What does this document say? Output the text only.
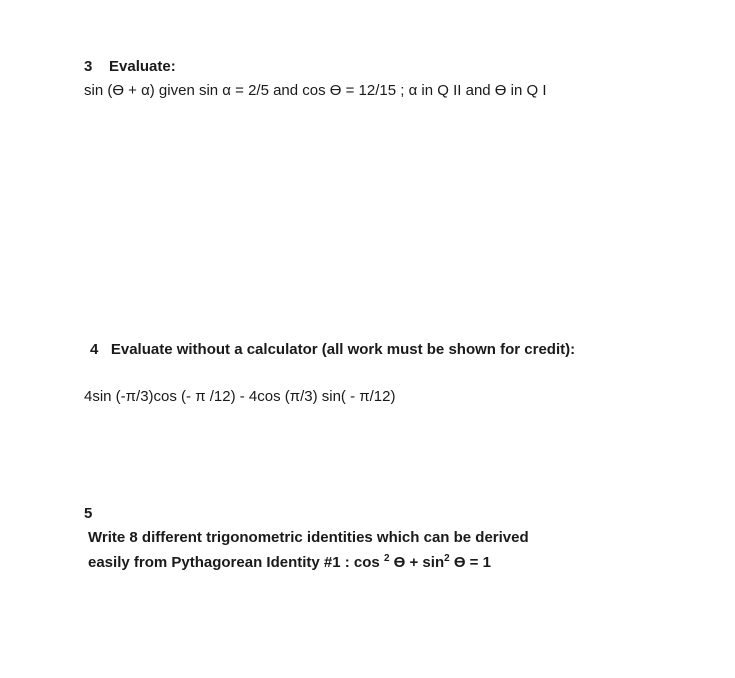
3 Evaluate:
sin (ϴ + α) given sin α = 2/5 and cos ϴ = 12/15 ; α in Q II and ϴ in Q I
4 Evaluate without a calculator (all work must be shown for credit):
4sin (-π/3)cos (- π /12) - 4cos (π/3) sin( - π/12)
5
Write 8 different trigonometric identities which can be derived
easily from Pythagorean Identity #1 : cos $^2$ $ϴ + \sin^2 ϴ = 1$
